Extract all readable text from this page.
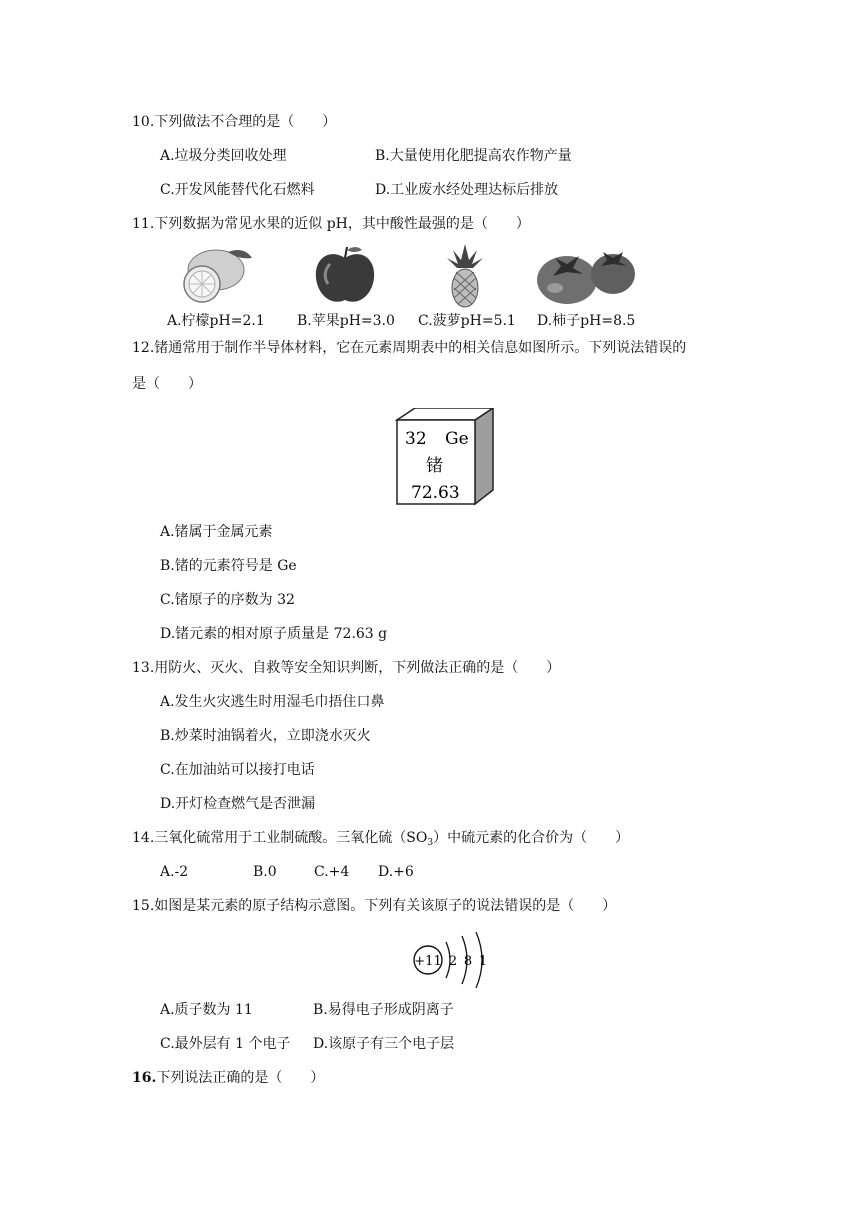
10.下列做法不合理的是（　　）
A.垃圾分类回收处理	B.大量使用化肥提高农作物产量
C.开发风能替代化石燃料	D.工业废水经处理达标后排放
11.下列数据为常见水果的近似 pH，其中酸性最强的是（　　）
A.柠檬pH=2.1 B.苹果pH=3.0 C.菠萝pH=5.1 D.柿子pH=8.5
12.锗通常用于制作半导体材料，它在元素周期表中的相关信息如图所示。下列说法错误的
是（　　）
32 Ge
锗
72.63
A.锗属于金属元素
B.锗的元素符号是 Ge
C.锗原子的序数为 32
D.锗元素的相对原子质量是 72.63 g
13.用防火、灭火、自救等安全知识判断，下列做法正确的是（　　）
A.发生火灾逃生时用湿毛巾捂住口鼻
B.炒菜时油锅着火，立即浇水灭火
C.在加油站可以接打电话
D.开灯检查燃气是否泄漏
14.三氧化硫常用于工业制硫酸。三氧化硫$(SO_3)$中硫元素的化合价为（　　）
A.-2	B.0	C.+4 D.+6
15.如图是某元素的原子结构示意图。下列有关该原子的说法错误的是（　　）
+11 2 8 1
A.质子数为 11	B.易得电子形成阴离子
C.最外层有 1 个电子 D.该原子有三个电子层
16.下列说法正确的是（　　）
